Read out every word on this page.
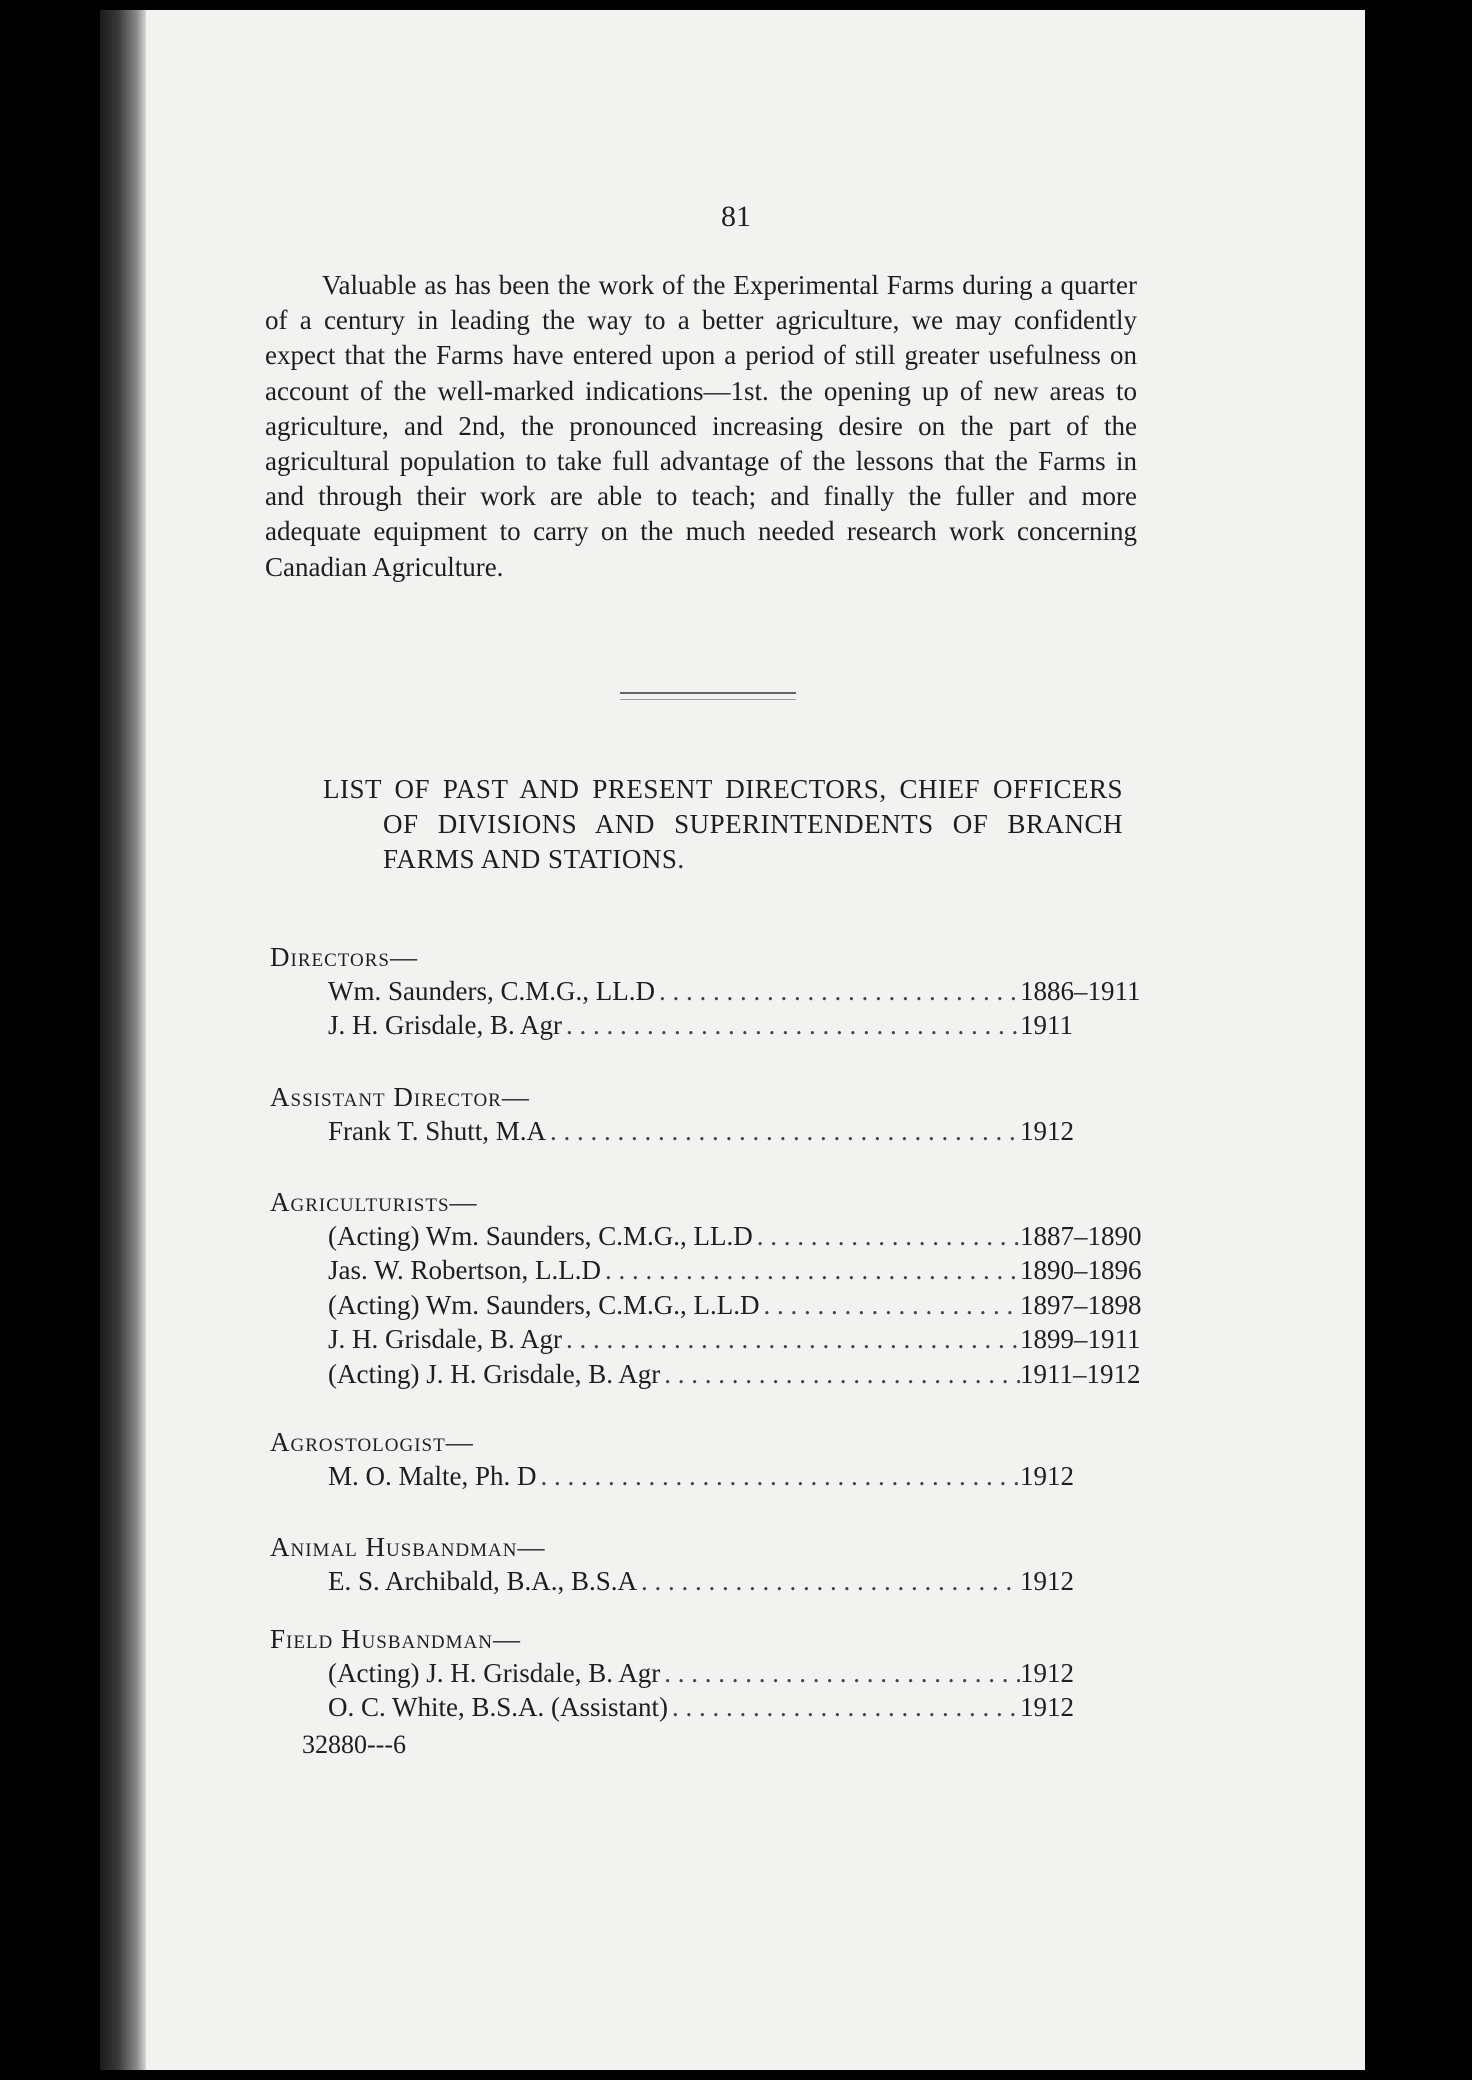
81

Valuable as has been the work of the Experimental Farms during a quarter of a century in leading the way to a better agriculture, we may confidently expect that the Farms have entered upon a period of still greater usefulness on account of the well-marked indications—1st. the opening up of new areas to agriculture, and 2nd, the pronounced increasing desire on the part of the agricultural population to take full advantage of the lessons that the Farms in and through their work are able to teach; and finally the fuller and more adequate equipment to carry on the much needed research work concerning Canadian Agriculture.

LIST OF PAST AND PRESENT DIRECTORS, CHIEF OFFICERS OF DIVISIONS AND SUPERINTENDENTS OF BRANCH FARMS AND STATIONS.

Directors—
Wm. Saunders, C.M.G., LL.D . . .	1886–1911
J. H. Grisdale, B. Agr . . .	1911
Assistant Director—
Frank T. Shutt, M.A . . .	1912
Agriculturists—
(Acting) Wm. Saunders, C.M.G., LL.D . . .	1887–1890
Jas. W. Robertson, L.L.D . . .	1890–1896
(Acting) Wm. Saunders, C.M.G., L.L.D . . .	1897–1898
J. H. Grisdale, B. Agr . . .	1899–1911
(Acting) J. H. Grisdale, B. Agr . . .	1911–1912
Agrostologist—
M. O. Malte, Ph. D . . .	1912
Animal Husbandman—
E. S. Archibald, B.A., B.S.A . . .	1912
Field Husbandman—
(Acting) J. H. Grisdale, B. Agr . . .	1912
O. C. White, B.S.A. (Assistant) . . .	1912
32880---6
